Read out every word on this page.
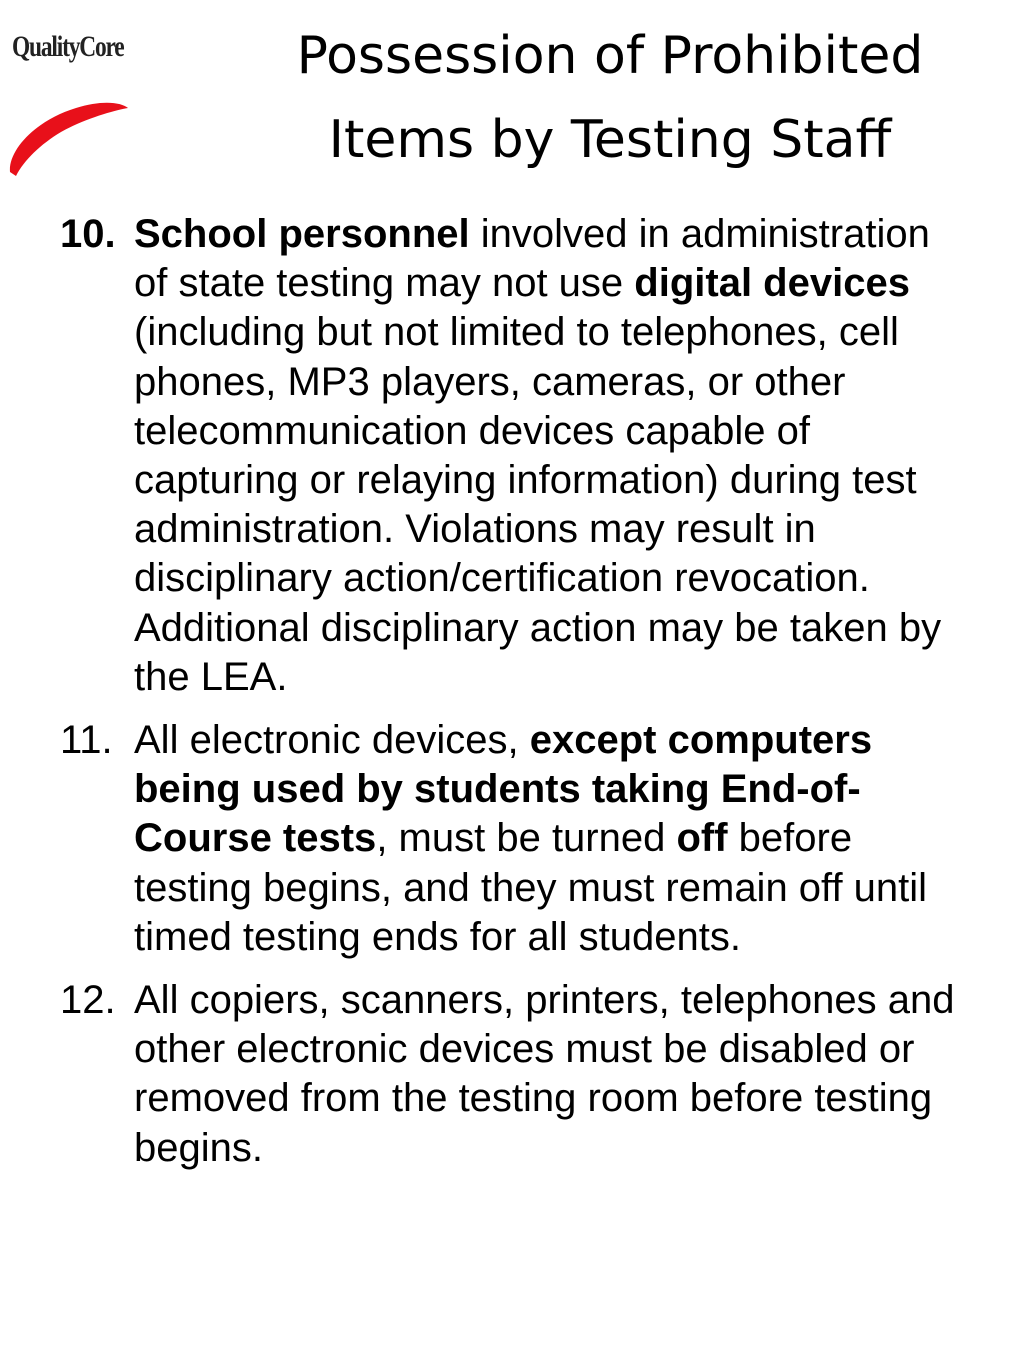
QualityCore	Possession of Prohibited
Items by Testing Staff
10. School personnel involved in administration of state testing may not use digital devices (including but not limited to telephones, cell phones, MP3 players, cameras, or other telecommunication devices capable of capturing or relaying information) during test administration. Violations may result in disciplinary action/certification revocation. Additional disciplinary action may be taken by the LEA.
11. All electronic devices, except computers being used by students taking End-of-Course tests, must be turned off before testing begins, and they must remain off until timed testing ends for all students.
12. All copiers, scanners, printers, telephones and other electronic devices must be disabled or removed from the testing room before testing begins.
